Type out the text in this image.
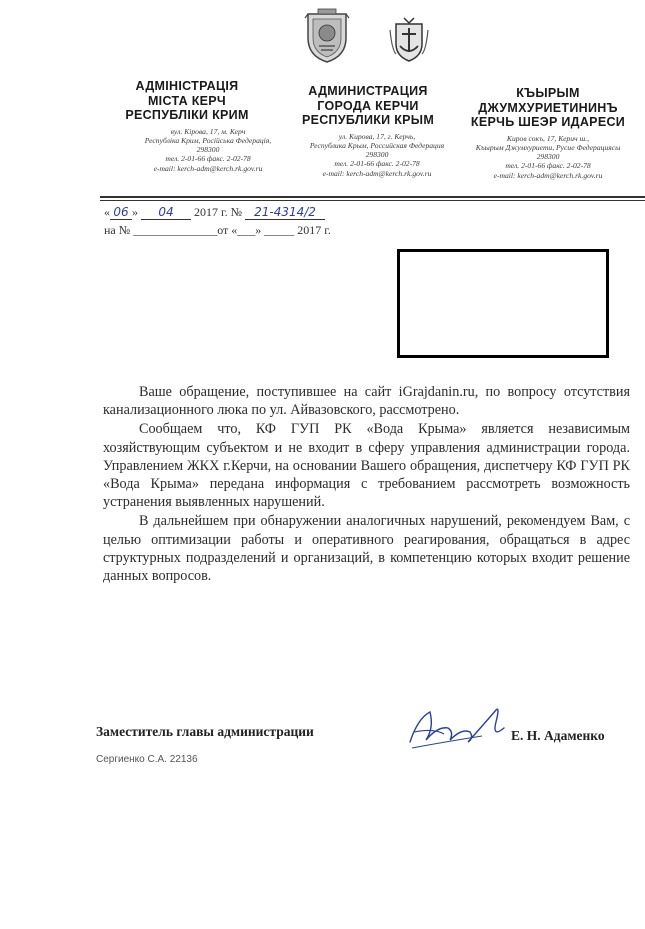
АДМІНІСТРАЦІЯ
МІСТА КЕРЧ
РЕСПУБЛІКИ КРИМ
вул. Кірова, 17, м. Керч
Республіка Крим, Російська Федерація,
298300
тел. 2-01-66 факс. 2-02-78
e-mail: kerch-adm@kerch.rk.gov.ru
АДМИНИСТРАЦИЯ
ГОРОДА КЕРЧИ
РЕСПУБЛИКИ КРЫМ
ул. Кирова, 17, г. Керчь,
Республика Крым, Российская Федерация
298300
тел. 2-01-66 факс. 2-02-78
e-mail: kerch-adm@kerch.rk.gov.ru
КЪЫРЫМ
ДЖУМХУРИЕТИНИНЪ
КЕРЧЬ ШЕЭР ИДАРЕСИ
Киров сокъ, 17, Керич ш.,
Къырым Джумхуриети, Русие Федерациясы
298300
тел. 2-01-66 факс. 2-02-78
e-mail: kerch-adm@kerch.rk.gov.ru
« 06 » 04 2017 г. № 21-4314/2
на № ______________от «___» _____ 2017 г.

Ваше обращение, поступившее на сайт iGrajdanin.ru, по вопросу отсутствия канализационного люка по ул. Айвазовского, рассмотрено.

Сообщаем что, КФ ГУП РК «Вода Крыма» является независимым хозяйствующим субъектом и не входит в сферу управления администрации города. Управлением ЖКХ г.Керчи, на основании Вашего обращения, диспетчеру КФ ГУП РК «Вода Крыма» передана информация с требованием рассмотреть возможность устранения выявленных нарушений.

В дальнейшем при обнаружении аналогичных нарушений, рекомендуем Вам, с целью оптимизации работы и оперативного реагирования, обращаться в адрес структурных подразделений и организаций, в компетенцию которых входит решение данных вопросов.

Заместитель главы администрации	Е. Н. Адаменко
Сергиенко С.А. 22136
